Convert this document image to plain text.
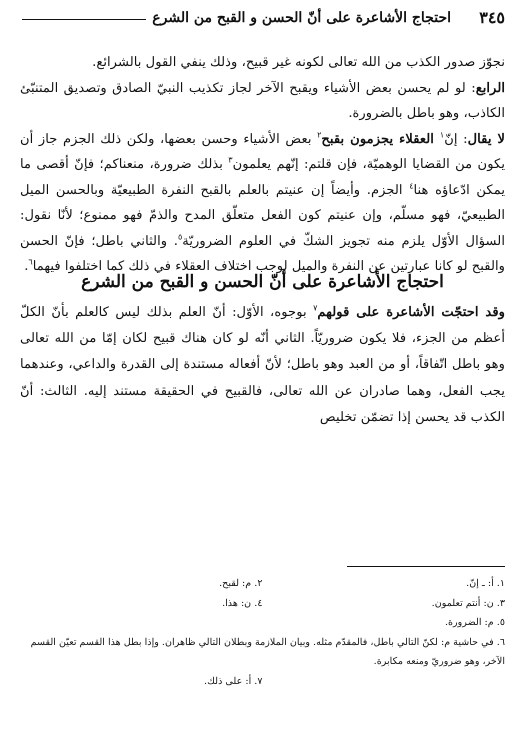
٣٤٥
احتجاج الأشاعرة على أنّ الحسن و القبح من الشرع

نجوّز صدور الكذب من الله تعالى لكونه غير قبيح، وذلك ينفي القول بالشرائع.

الرابع: لو لم يحسن بعض الأشياء ويقبح الآخر لجاز تكذيب النبيّ الصادق وتصديق المتنبّئ الكاذب، وهو باطل بالضرورة.

لا يقال: إنّ$^١$ العقلاء يجزمون بقبح$^٢$ بعض الأشياء وحسن بعضها، ولكن ذلك الجزم جاز أن يكون من القضايا الوهميّة، فإن قلتم: إنّهم يعلمون$^٣$ بذلك ضرورة، منعناكم؛ فإنّ أقصى ما يمكن ادّعاؤه هنا$^٤$ الجزم. وأيضاً إن عنيتم بالعلم بالقبح النفرة الطبيعيّة وبالحسن الميل الطبيعيّ، فهو مسلّم، وإن عنيتم كون الفعل متعلّق المدح والذمّ فهو ممنوع؛ لأنّا نقول: السؤال الأوّل يلزم منه تجويز الشكّ في العلوم الضروريّة$^٥$. والثاني باطل؛ فإنّ الحسن والقبح لو كانا عبارتين عن النفرة والميل لوجب اختلاف العقلاء في ذلك كما اختلفوا فيهما$^٦$.

احتجاج الأشاعرة على أنّ الحسن و القبح من الشرع

وقد احتجّت الأشاعرة على قولهم$^٧$ بوجوه، الأوّل: أنّ العلم بذلك ليس كالعلم بأنّ الكلّ أعظم من الجزء، فلا يكون ضروريّاً. الثاني أنّه لو كان هناك قبيح لكان إمّا من الله تعالى وهو باطل اتّفاقاً، أو من العبد وهو باطل؛ لأنّ أفعاله مستندة إلى القدرة والداعي، وعندهما يجب الفعل، وهما صادران عن الله تعالى، فالقبيح في الحقيقة مستند إليه. الثالث: أنّ الكذب قد يحسن إذا تضمّن تخليص

١. أ: ـ إنّ.
٢. م: لقبح.
٣. ن: أنتم تعلمون.
٤. ن: هذا.
٥. م: الضرورة.
٦. في حاشية م: لكنّ التالي باطل، فالمقدّم مثله. وبيان الملازمة وبطلان التالي ظاهران. وإذا بطل هذا القسم تعيّن القسم الآخر، وهو ضروريّ ومنعه مكابرة.
٧. أ: على ذلك.
